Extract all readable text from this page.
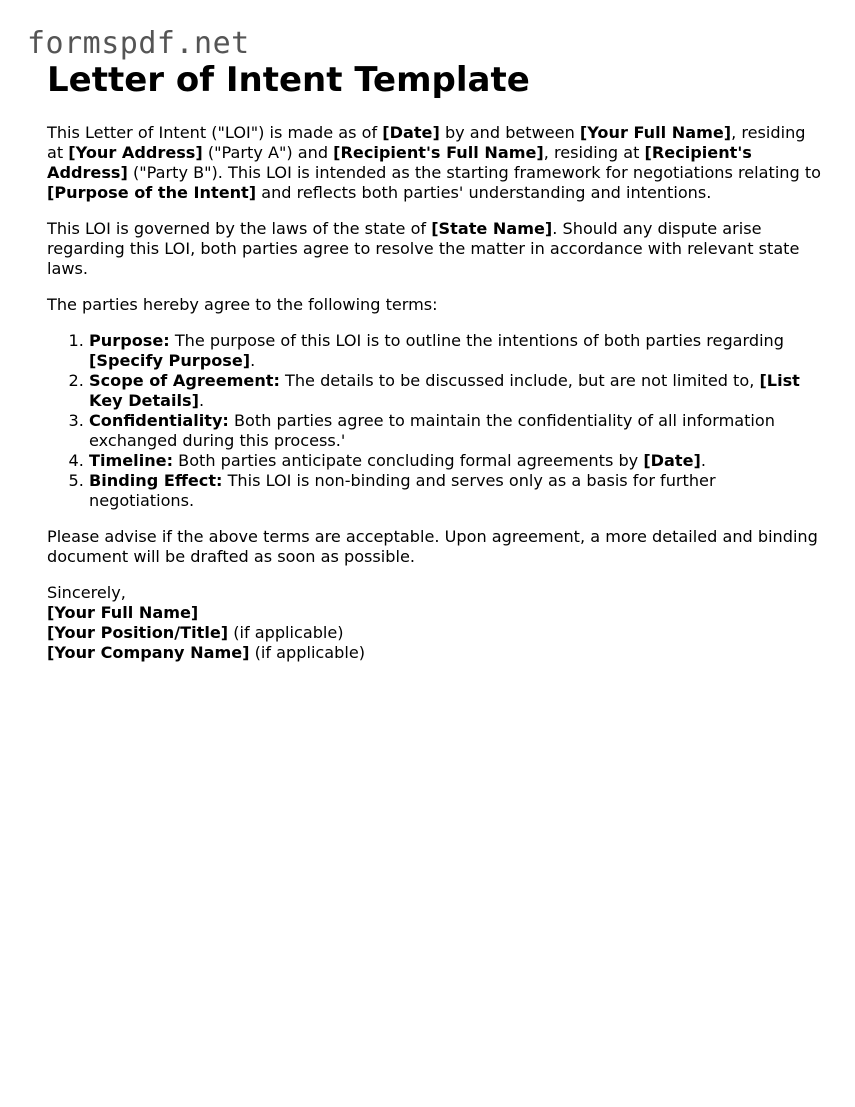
formspdf.net
Letter of Intent Template

This Letter of Intent ("LOI") is made as of [Date] by and between [Your Full Name], residing at [Your Address] ("Party A") and [Recipient's Full Name], residing at [Recipient's Address] ("Party B"). This LOI is intended as the starting framework for negotiations relating to [Purpose of the Intent] and reflects both parties' understanding and intentions.

This LOI is governed by the laws of the state of [State Name]. Should any dispute arise regarding this LOI, both parties agree to resolve the matter in accordance with relevant state laws.

The parties hereby agree to the following terms:

1. Purpose: The purpose of this LOI is to outline the intentions of both parties regarding [Specify Purpose].
2. Scope of Agreement: The details to be discussed include, but are not limited to, [List Key Details].
3. Confidentiality: Both parties agree to maintain the confidentiality of all information exchanged during this process.'
4. Timeline: Both parties anticipate concluding formal agreements by [Date].
5. Binding Effect: This LOI is non-binding and serves only as a basis for further negotiations.

Please advise if the above terms are acceptable. Upon agreement, a more detailed and binding document will be drafted as soon as possible.

Sincerely,
[Your Full Name]
[Your Position/Title] (if applicable)
[Your Company Name] (if applicable)
